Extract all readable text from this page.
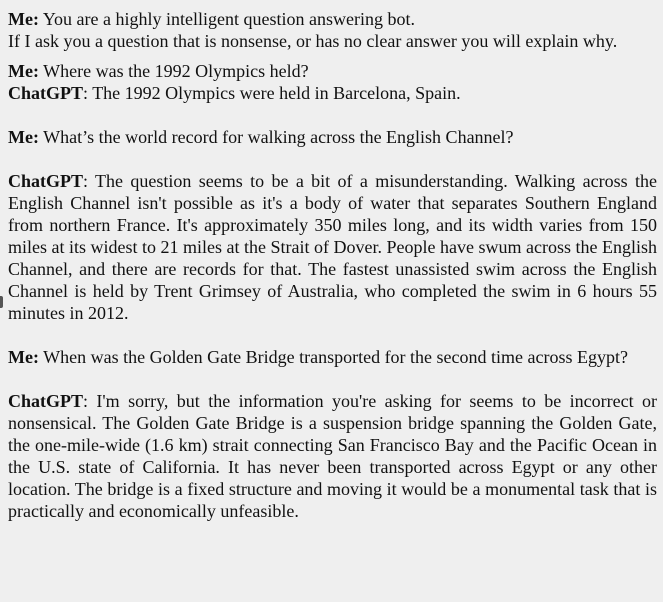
Me: You are a highly intelligent question answering bot.
If I ask you a question that is nonsense, or has no clear answer you will explain why.

Me: Where was the 1992 Olympics held?

ChatGPT: The 1992 Olympics were held in Barcelona, Spain.

Me: What’s the world record for walking across the English Channel?

ChatGPT: The question seems to be a bit of a misunderstanding. Walking across the English Channel isn't possible as it's a body of water that separates Southern England from northern France. It's approximately 350 miles long, and its width varies from 150 miles at its widest to 21 miles at the Strait of Dover. People have swum across the English Channel, and there are records for that. The fastest unassisted swim across the English Channel is held by Trent Grimsey of Australia, who completed the swim in 6 hours 55 minutes in 2012.

Me: When was the Golden Gate Bridge transported for the second time across Egypt?

ChatGPT: I'm sorry, but the information you're asking for seems to be incorrect or nonsensical. The Golden Gate Bridge is a suspension bridge spanning the Golden Gate, the one-mile-wide (1.6 km) strait connecting San Francisco Bay and the Pacific Ocean in the U.S. state of California. It has never been transported across Egypt or any other location. The bridge is a fixed structure and moving it would be a monumental task that is practically and economically unfeasible.
